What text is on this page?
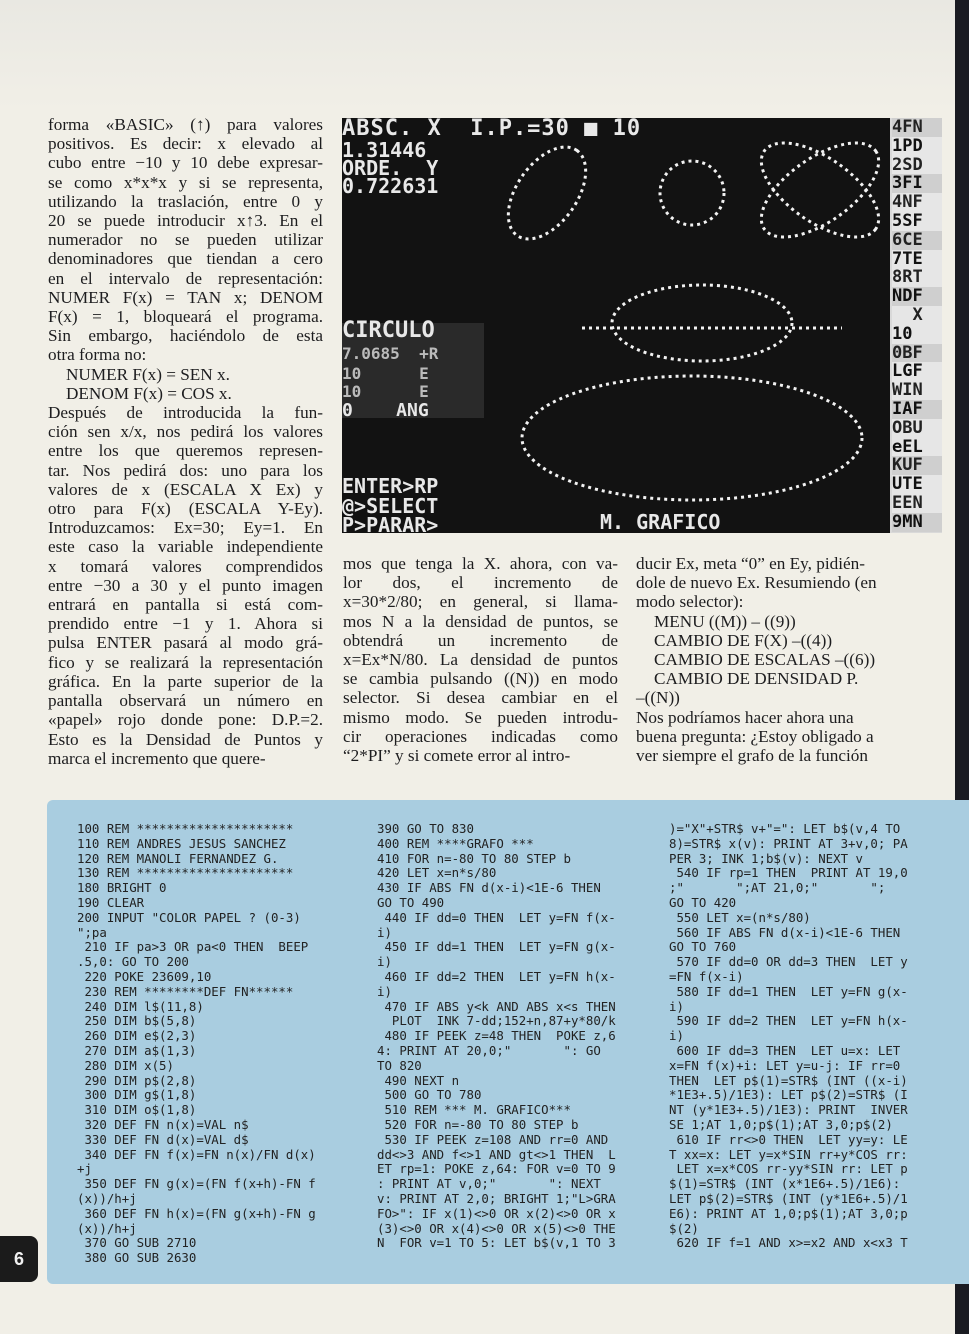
forma «BASIC» (↑) para valores

positivos. Es decir: x elevado al

cubo entre −10 y 10 debe expresar-

se como x*x*x y si se representa,

utilizando la traslación, entre 0 y

20 se puede introducir x↑3. En el

numerador no se pueden utilizar

denominadores que tiendan a cero

en el intervalo de representación:

NUMER F(x) = TAN x; DENOM

F(x) = 1, bloqueará el programa.

Sin embargo, haciéndolo de esta

otra forma no:

NUMER F(x) = SEN x.

DENOM F(x) = COS x.

Después de introducida la fun-

ción sen x/x, nos pedirá los valores

entre los que queremos represen-

tar. Nos pedirá dos: uno para los

valores de x (ESCALA X Ex) y

otro para F(x) (ESCALA Y-Ey).

Introduzcamos: Ex=30; Ey=1. En

este caso la variable independiente

x tomará valores comprendidos

entre −30 a 30 y el punto imagen

entrará en pantalla si está com-

prendido entre −1 y 1. Ahora si

pulsa ENTER pasará al modo grá-

fico y se realizará la representación

gráfica. En la parte superior de la

pantalla observará un número en

«papel» rojo donde pone: D.P.=2.

Esto es la Densidad de Puntos y

marca el incremento que quere-

ABSC. X  I.P.=30 ■ 10
1.31446
ORDE.  Y
0.722631
CIRCULO
7.0685  +R
10      E
10      E
0    ANG
ENTER>RP
@>SELECT
P>PARAR>	M. GRAFICO
4FN
1PD
2SD
3FI
4NF
5SF
6CE
7TE
8RT
NDF
X
10
0BF
LGF
WIN
IAF
OBU
eEL
KUF
UTE
EEN
9MN

mos que tenga la X. ahora, con va-

lor dos, el incremento de

x=30*2/80; en general, si llama-

mos N a la densidad de puntos, se

obtendrá un incremento de

x=Ex*N/80. La densidad de puntos

se cambia pulsando ((N)) en modo

selector. Si desea cambiar en el

mismo modo. Se pueden introdu-

cir operaciones indicadas como

“2*PI” y si comete error al intro-

ducir Ex, meta “0” en Ey, pidién-

dole de nuevo Ex. Resumiendo (en

modo selector):

MENU ((M)) – ((9))

CAMBIO DE F(X) –((4))

CAMBIO DE ESCALAS –((6))

CAMBIO DE DENSIDAD P.

–((N))

Nos podríamos hacer ahora una

buena pregunta: ¿Estoy obligado a

ver siempre el grafo de la función

100 REM *********************
110 REM ANDRES JESUS SANCHEZ
120 REM MANOLI FERNANDEZ G.
130 REM *********************
180 BRIGHT 0
190 CLEAR
200 INPUT "COLOR PAPEL ? (0-3)
";pa
210 IF pa>3 OR pa<0 THEN  BEEP
.5,0: GO TO 200
220 POKE 23609,10
230 REM ********DEF FN******
240 DIM l$(11,8)
250 DIM b$(5,8)
260 DIM e$(2,3)
270 DIM a$(1,3)
280 DIM x(5)
290 DIM p$(2,8)
300 DIM g$(1,8)
310 DIM o$(1,8)
320 DEF FN n(x)=VAL n$
330 DEF FN d(x)=VAL d$
340 DEF FN f(x)=FN n(x)/FN d(x)
+j
350 DEF FN g(x)=(FN f(x+h)-FN f
(x))/h+j
360 DEF FN h(x)=(FN g(x+h)-FN g
(x))/h+j
370 GO SUB 2710
380 GO SUB 2630
390 GO TO 830
400 REM ****GRAFO ***
410 FOR n=-80 TO 80 STEP b
420 LET x=n*s/80
430 IF ABS FN d(x-i)<1E-6 THEN
GO TO 490
440 IF dd=0 THEN  LET y=FN f(x-
i)
450 IF dd=1 THEN  LET y=FN g(x-
i)
460 IF dd=2 THEN  LET y=FN h(x-
i)
470 IF ABS y<k AND ABS x<s THEN
PLOT  INK 7-dd;152+n,87+y*80/k
480 IF PEEK z=48 THEN  POKE z,6
4: PRINT AT 20,0;"       ": GO
TO 820
490 NEXT n
500 GO TO 780
510 REM *** M. GRAFICO***
520 FOR n=-80 TO 80 STEP b
530 IF PEEK z=108 AND rr=0 AND
dd<>3 AND f<>1 AND gt<>1 THEN  L
ET rp=1: POKE z,64: FOR v=0 TO 9
: PRINT AT v,0;"       ": NEXT
v: PRINT AT 2,0; BRIGHT 1;"L>GRA
FO>": IF x(1)<>0 OR x(2)<>0 OR x
(3)<>0 OR x(4)<>0 OR x(5)<>0 THE
N  FOR v=1 TO 5: LET b$(v,1 TO 3
)="X"+STR$ v+"=": LET b$(v,4 TO
8)=STR$ x(v): PRINT AT 3+v,0; PA
PER 3; INK 1;b$(v): NEXT v
540 IF rp=1 THEN  PRINT AT 19,0
;"       ";AT 21,0;"       ";
GO TO 420
550 LET x=(n*s/80)
560 IF ABS FN d(x-i)<1E-6 THEN
GO TO 760
570 IF dd=0 OR dd=3 THEN  LET y
=FN f(x-i)
580 IF dd=1 THEN  LET y=FN g(x-
i)
590 IF dd=2 THEN  LET y=FN h(x-
i)
600 IF dd=3 THEN  LET u=x: LET
x=FN f(x)+i: LET y=u-j: IF rr=0
THEN  LET p$(1)=STR$ (INT ((x-i)
*1E3+.5)/1E3): LET p$(2)=STR$ (I
NT (y*1E3+.5)/1E3): PRINT  INVER
SE 1;AT 1,0;p$(1);AT 3,0;p$(2)
610 IF rr<>0 THEN  LET yy=y: LE
T xx=x: LET y=x*SIN rr+y*COS rr:
LET x=x*COS rr-yy*SIN rr: LET p
$(1)=STR$ (INT (x*1E6+.5)/1E6):
LET p$(2)=STR$ (INT (y*1E6+.5)/1
E6): PRINT AT 1,0;p$(1);AT 3,0;p
$(2)
620 IF f=1 AND x>=x2 AND x<x3 T
6
